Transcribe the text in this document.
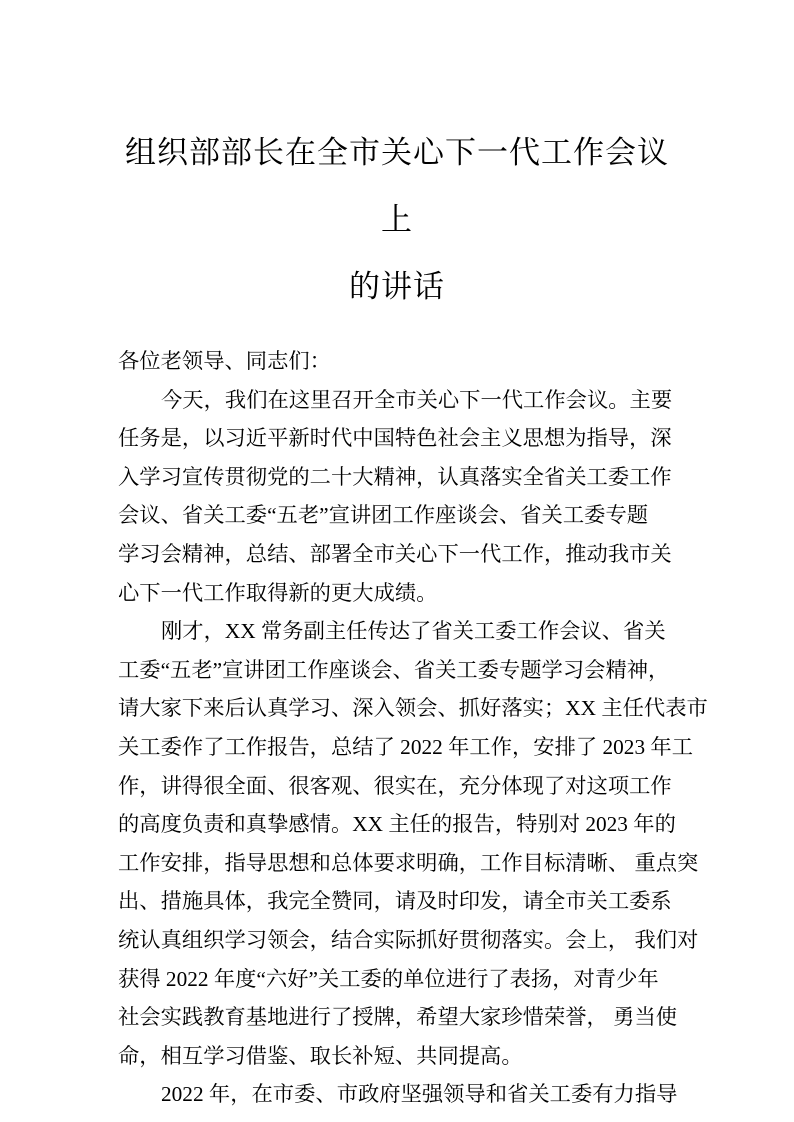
组织部部长在全市关心下一代工作会议上
的讲话
各位老领导、同志们：
今天，我们在这里召开全市关心下一代工作会议。主要
任务是，以习近平新时代中国特色社会主义思想为指导，深
入学习宣传贯彻党的二十大精神，认真落实全省关工委工作
会议、省关工委“五老”宣讲团工作座谈会、省关工委专题
学习会精神，总结、部署全市关心下一代工作，推动我市关
心下一代工作取得新的更大成绩。
刚才，XX 常务副主任传达了省关工委工作会议、省关
工委“五老”宣讲团工作座谈会、省关工委专题学习会精神，
请大家下来后认真学习、深入领会、抓好落实；XX 主任代表市
关工委作了工作报告，总结了 2022 年工作，安排了 2023 年工
作，讲得很全面、很客观、很实在，充分体现了对这项工作
的高度负责和真挚感情。XX 主任的报告，特别对 2023 年的
工作安排，指导思想和总体要求明确，工作目标清晰、 重点突
出、措施具体，我完全赞同，请及时印发，请全市关工委系
统认真组织学习领会，结合实际抓好贯彻落实。会上， 我们对
获得 2022 年度“六好”关工委的单位进行了表扬，对青少年
社会实践教育基地进行了授牌，希望大家珍惜荣誉， 勇当使
命，相互学习借鉴、取长补短、共同提高。
2022 年，在市委、市政府坚强领导和省关工委有力指导
